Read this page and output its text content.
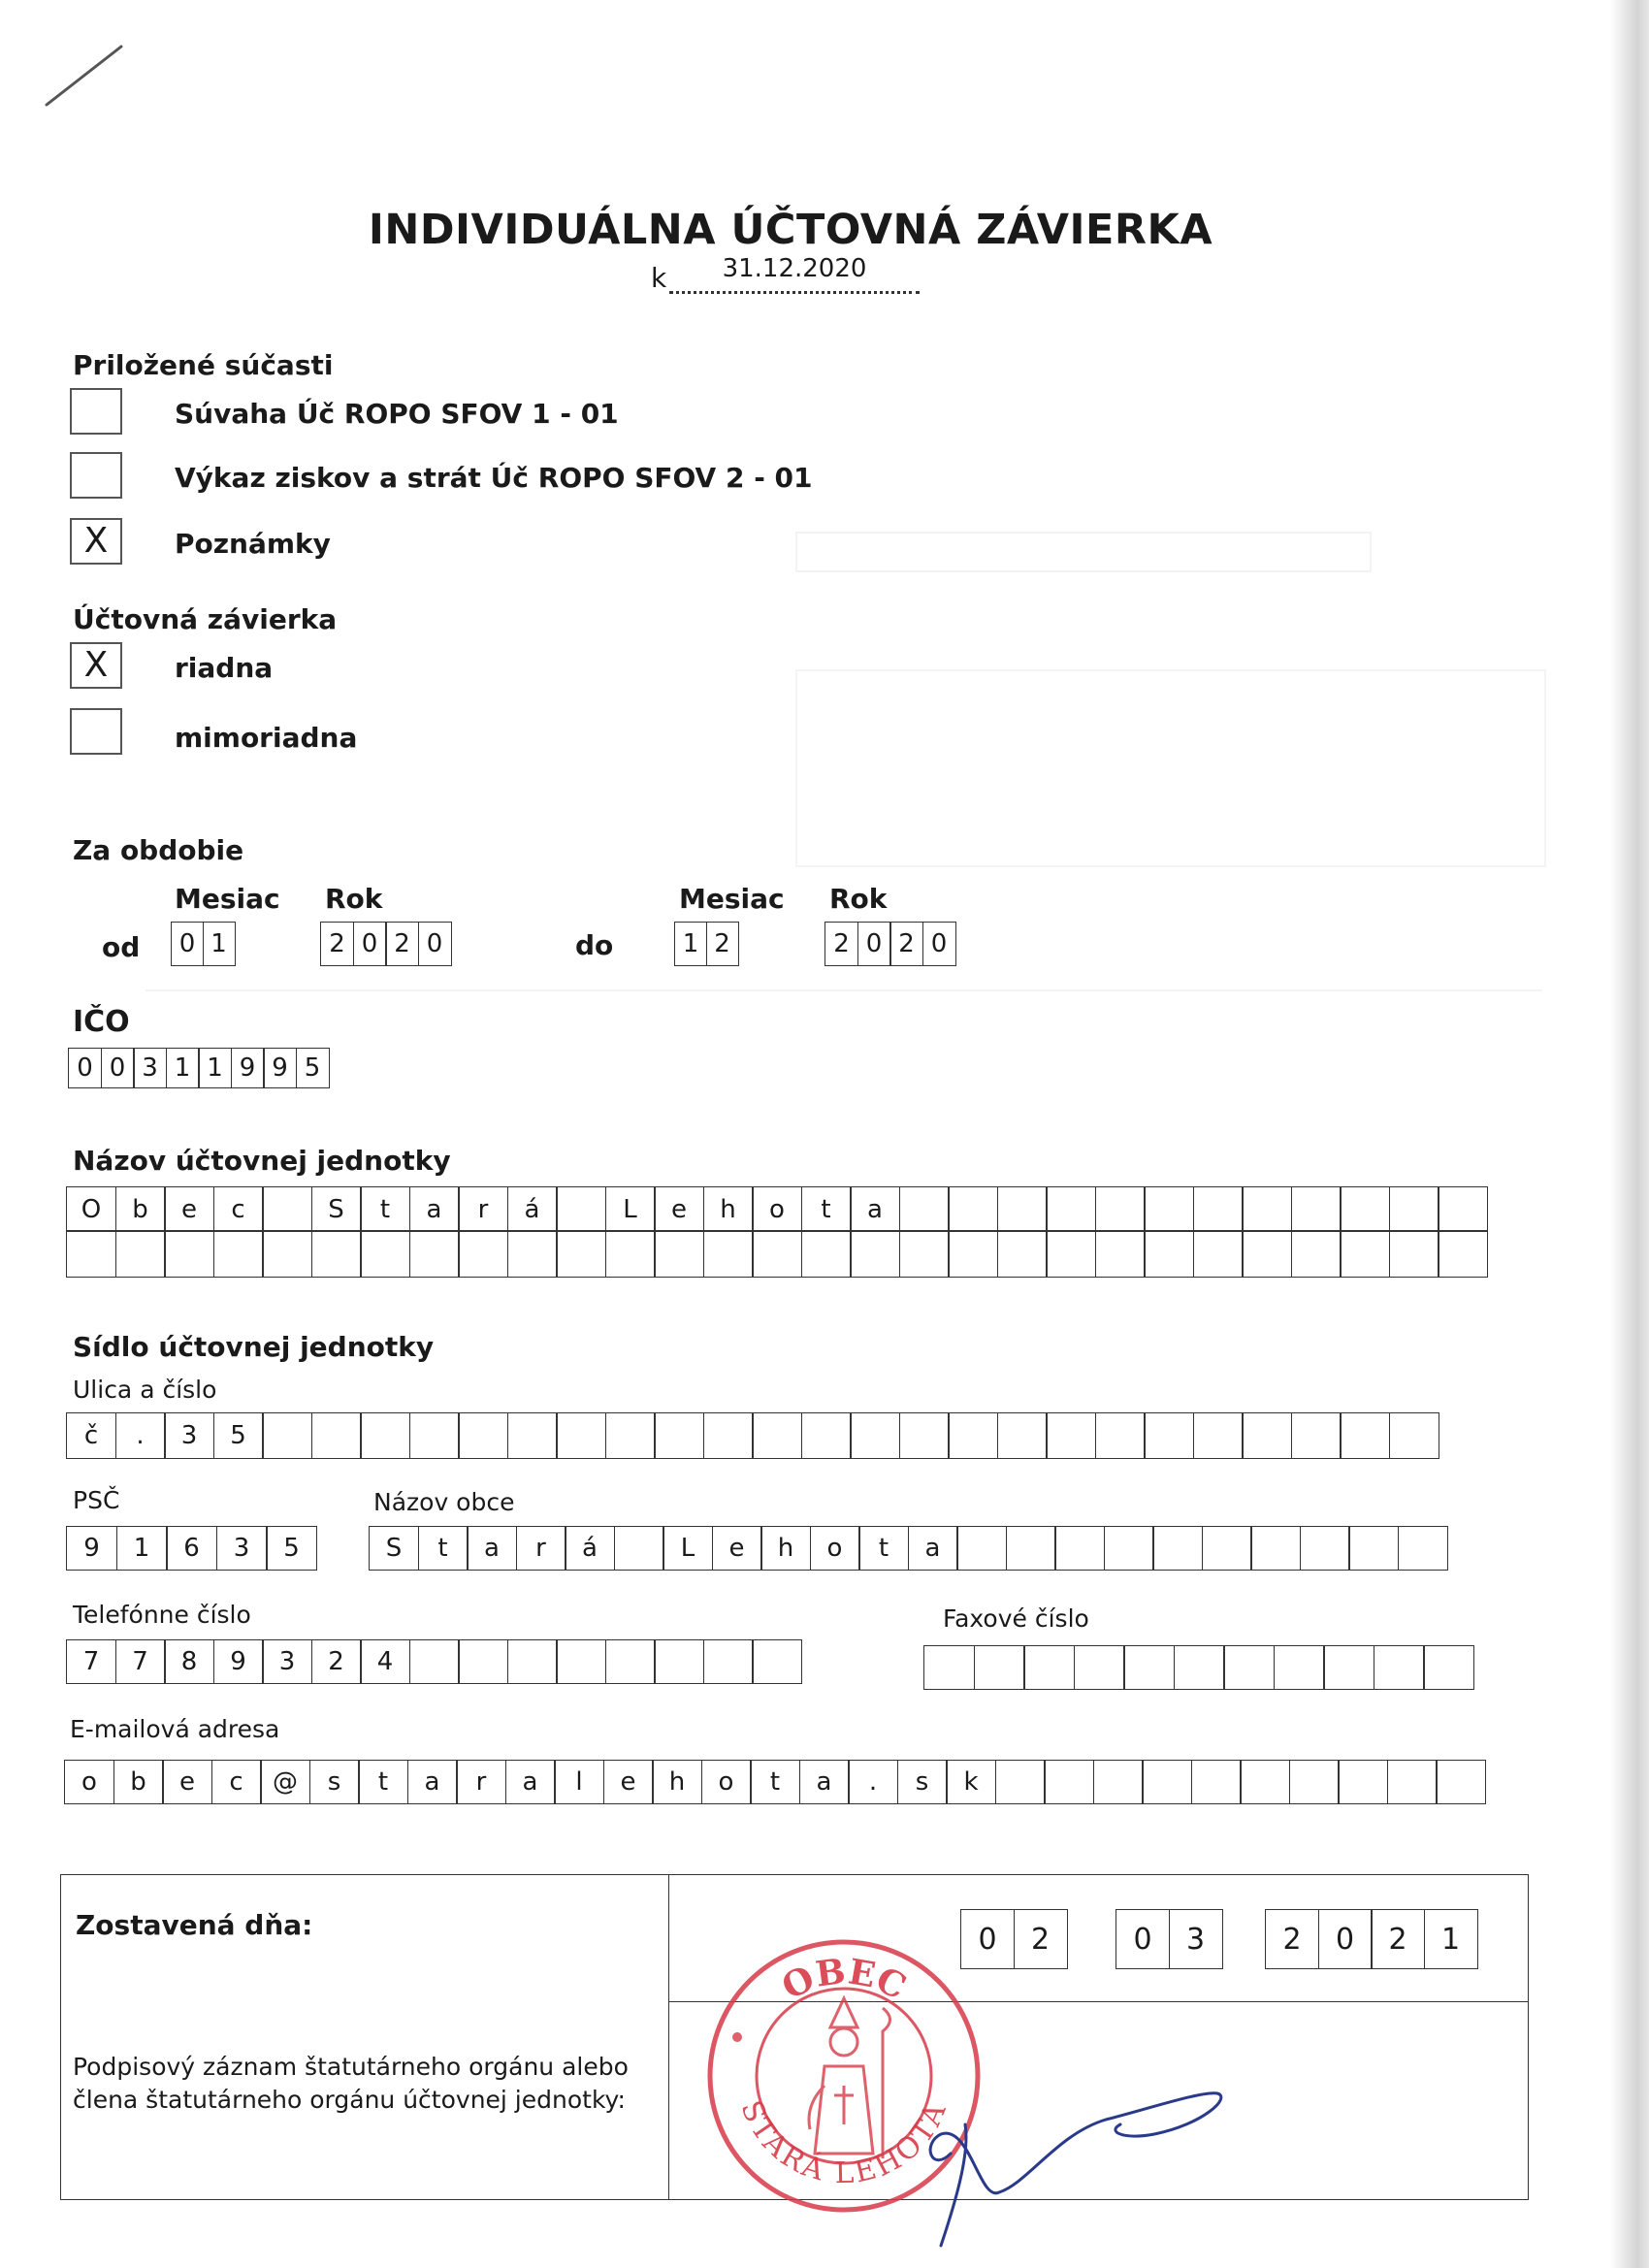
INDIVIDUÁLNA ÚČTOVNÁ ZÁVIERKA
k	31.12.2020
Priložené súčasti
Súvaha Úč ROPO SFOV 1 - 01
Výkaz ziskov a strát Úč ROPO SFOV 2 - 01
X	Poznámky
Účtovná závierka
X	riadna
mimoriadna
Za obdobie
Mesiac Rok	Mesiac Rok
od	0 1	2 0 2 0	do	1 2	2 0 2 0
IČO
0 0 3 1 1 9 9 5
Názov účtovnej jednotky
O	b	e	c	S	t	a	r	á	L	e	h	o	t	a
Sídlo účtovnej jednotky
Ulica a číslo
č	.	3	5
PSČ	Názov obce
9	1	6	3	5	S	t	a	r	á	L	e	h	o	t	a
Telefónne číslo	Faxové číslo
7	7	8	9	3	2	4
E-mailová adresa
o	b	e	c	@	s	t	a	r	a	l	e	h	o	t	a	.	s	k
Zostavená dňa:	0	2	0	3	2	0	2	1
Podpisový záznam štatutárneho orgánu alebo
člena štatutárneho orgánu účtovnej jednotky:
OBEC
STARÁ LEHOTA
